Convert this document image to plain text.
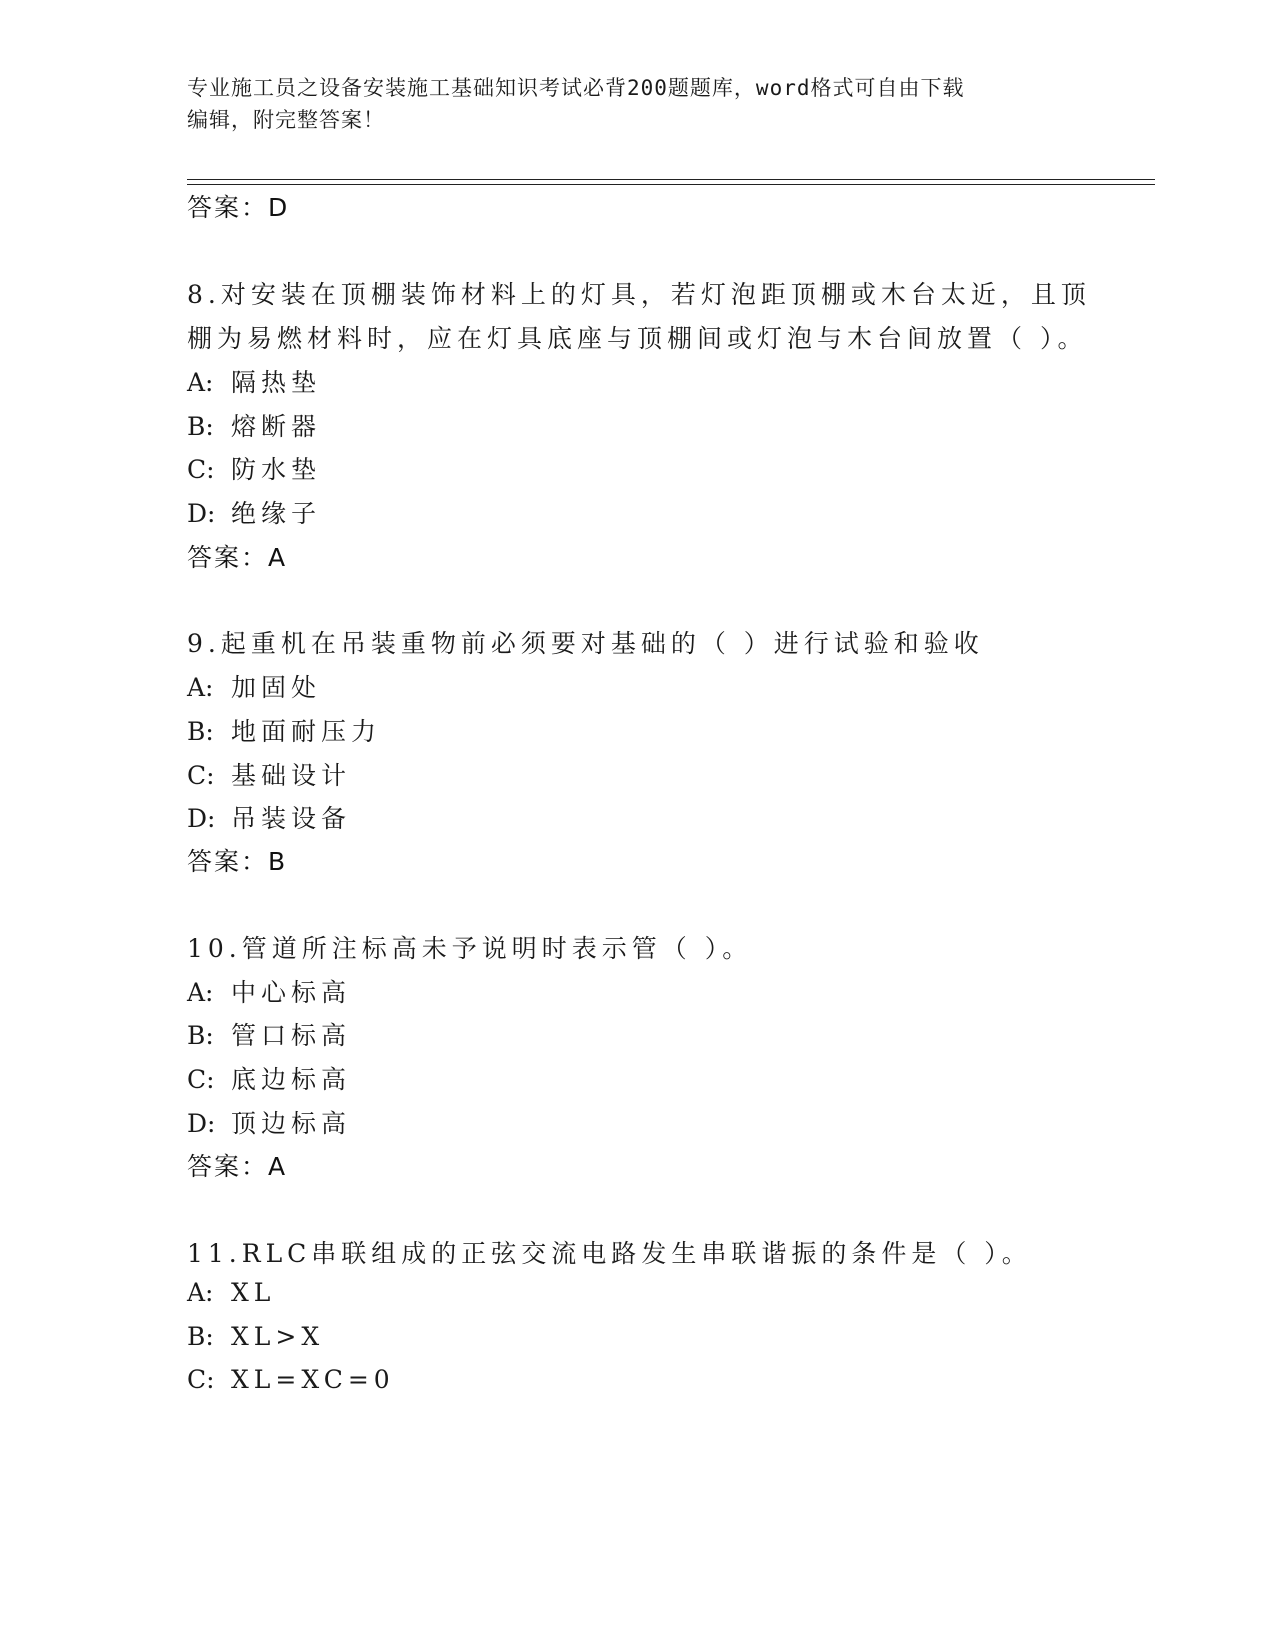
专业施工员之设备安装施工基础知识考试必背200题题库，word格式可自由下载
编辑，附完整答案！
答案：D
8.对安装在顶棚装饰材料上的灯具，若灯泡距顶棚或木台太近，且顶
棚为易燃材料时，应在灯具底座与顶棚间或灯泡与木台间放置（ ）。
A: 隔热垫
B: 熔断器
C: 防水垫
D: 绝缘子
答案：A
9.起重机在吊装重物前必须要对基础的（ ）进行试验和验收
A: 加固处
B: 地面耐压力
C: 基础设计
D: 吊装设备
答案：B
10.管道所注标高未予说明时表示管（ ）。
A: 中心标高
B: 管口标高
C: 底边标高
D: 顶边标高
答案：A
11.RLC串联组成的正弦交流电路发生串联谐振的条件是（ ）。
A: XL
B: XL>X
C: XL=XC=0
